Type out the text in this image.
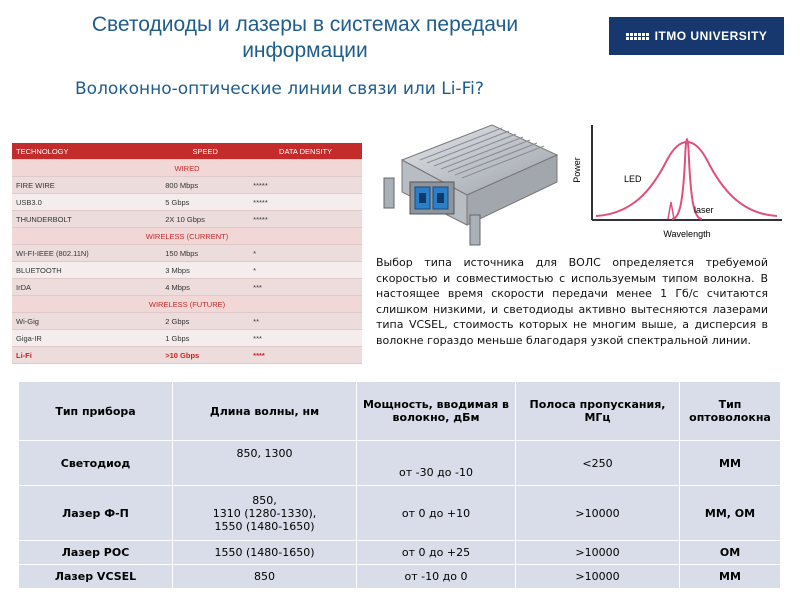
Светодиоды и лазеры в системах передачи
информации
ITMO UNIVERSITY
Волоконно-оптические линии связи или Li-Fi?
TECHNOLOGY	SPEED	DATA DENSITY
WIRED		
FIRE WIRE	800 Mbps	*****
USB3.0	5 Gbps	*****
THUNDERBOLT	2X 10 Gbps	*****
WIRELESS (CURRENT)		
WI-FI-IEEE (802.11N)	150 Mbps	*
BLUETOOTH	3 Mbps	*
IrDA	4 Mbps	***
WIRELESS (FUTURE)		
Wi-Gig	2 Gbps	**
Giga-IR	1 Gbps	***
Li-Fi	>10 Gbps	****
Power
Wavelength
LED
laser
Выбор типа источника для ВОЛС определяется требуемой скоростью и совместимостью с используемым типом волокна. В настоящее время скорости передачи менее 1 Гб/с считаются слишком низкими, и светодиоды активно вытесняются лазерами типа VCSEL, стоимость которых не многим выше, а дисперсия в волокне гораздо меньше благодаря узкой спектральной линии.
Тип прибора	Длина волны, нм	Мощность, вводимая в волокно, дБм	Полоса пропускания, МГц	Тип оптоволокна
Светодиод	850, 1300	от -30 до -10	<250	MM
Лазер Ф-П	850,
1310 (1280-1330),
1550 (1480-1650)	от 0 до +10	>10000	MM, OM
Лазер РОС	1550 (1480-1650)	от 0 до +25	>10000	OM
Лазер VCSEL	850	от -10 до 0	>10000	MM
